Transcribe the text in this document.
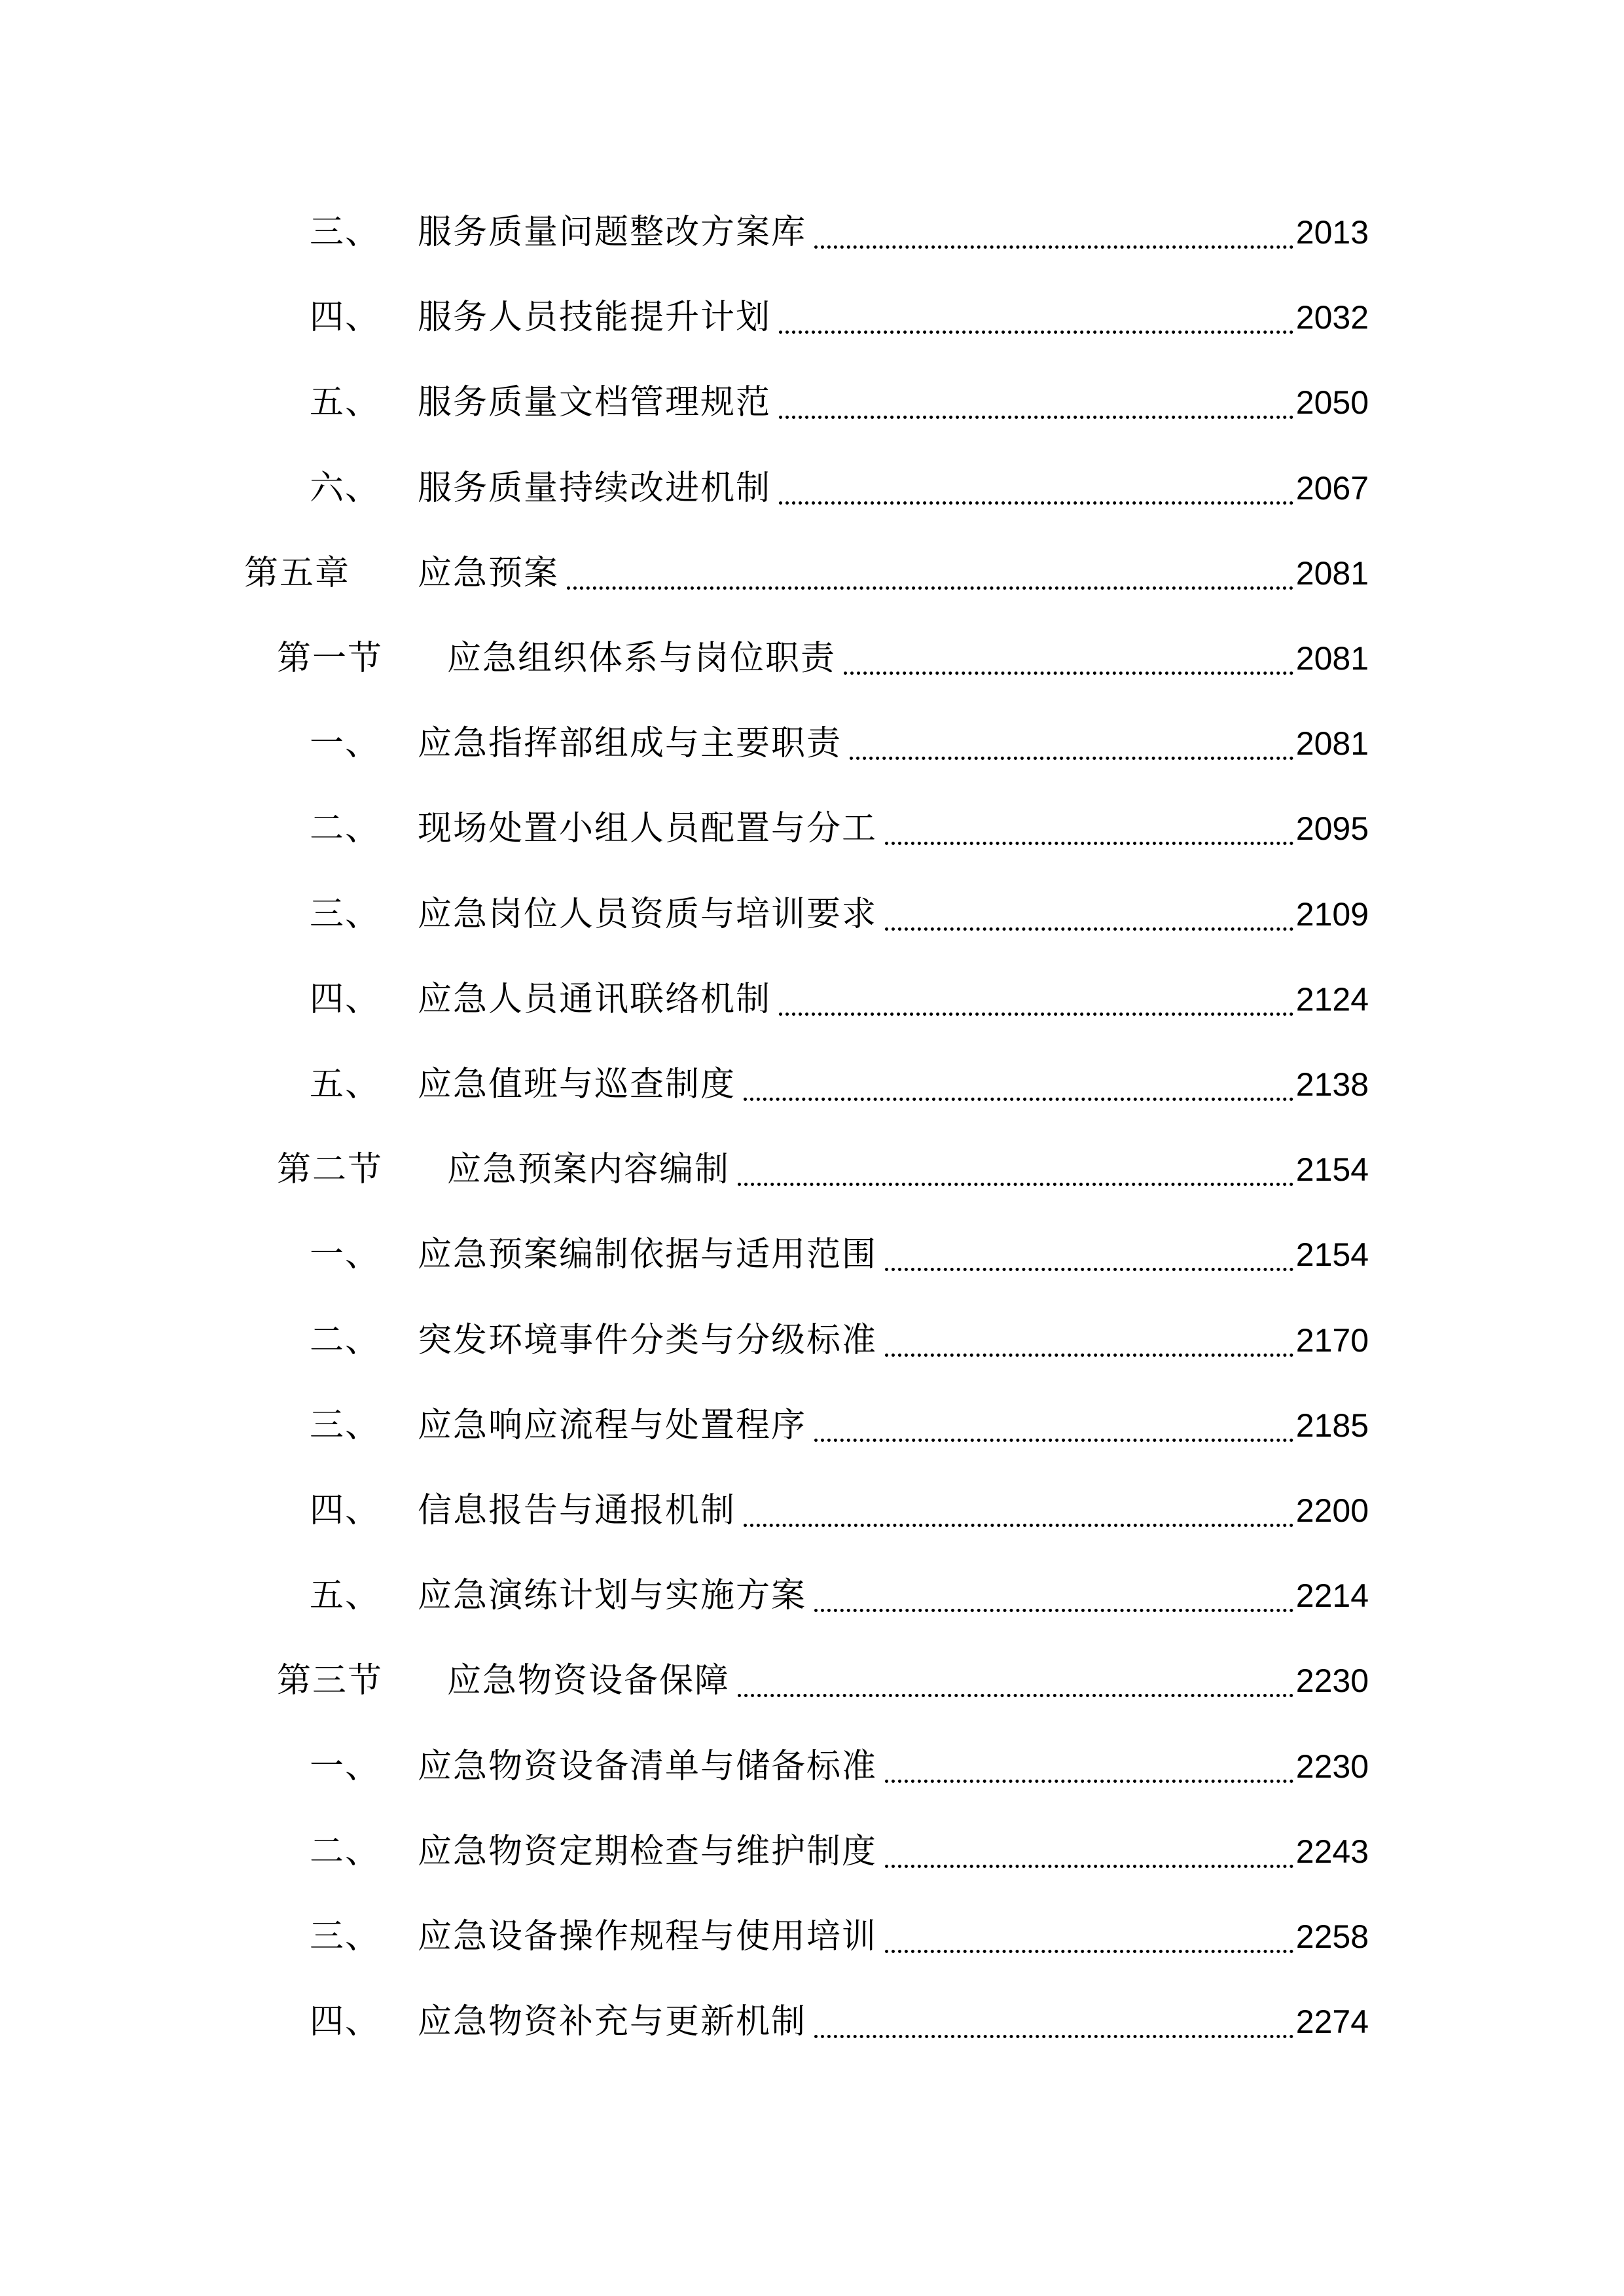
三、	服务质量问题整改方案库	2013
四、	服务人员技能提升计划	2032
五、	服务质量文档管理规范	2050
六、	服务质量持续改进机制	2067
第五章	应急预案	2081
第一节	应急组织体系与岗位职责	2081
一、	应急指挥部组成与主要职责	2081
二、	现场处置小组人员配置与分工	2095
三、	应急岗位人员资质与培训要求	2109
四、	应急人员通讯联络机制	2124
五、	应急值班与巡查制度	2138
第二节	应急预案内容编制	2154
一、	应急预案编制依据与适用范围	2154
二、	突发环境事件分类与分级标准	2170
三、	应急响应流程与处置程序	2185
四、	信息报告与通报机制	2200
五、	应急演练计划与实施方案	2214
第三节	应急物资设备保障	2230
一、	应急物资设备清单与储备标准	2230
二、	应急物资定期检查与维护制度	2243
三、	应急设备操作规程与使用培训	2258
四、	应急物资补充与更新机制	2274
